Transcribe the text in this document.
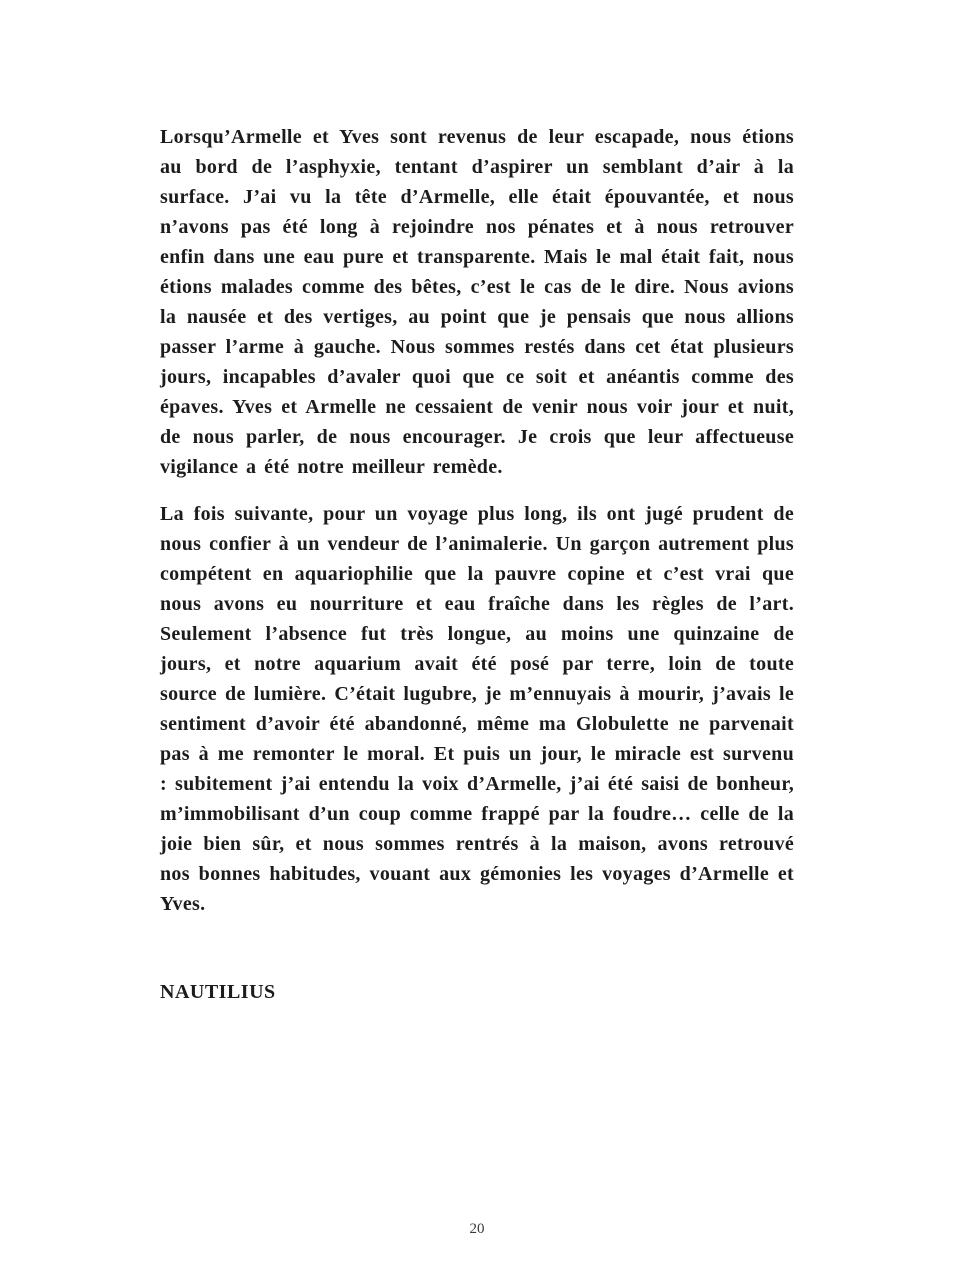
Lorsqu’Armelle et Yves sont revenus de leur escapade, nous étions au bord de l’asphyxie, tentant d’aspirer un semblant d’air à la surface. J’ai vu la tête d’Armelle, elle était épouvantée, et nous n’avons pas été long à rejoindre nos pénates et à nous retrouver enfin dans une eau pure et transparente. Mais le mal était fait, nous étions malades comme des bêtes, c’est le cas de le dire. Nous avions la nausée et des vertiges, au point que je pensais que nous allions passer l’arme à gauche. Nous sommes restés dans cet état plusieurs jours, incapables d’avaler quoi que ce soit et anéantis comme des épaves. Yves et Armelle ne cessaient de venir nous voir jour et nuit, de nous parler, de nous encourager. Je crois que leur affectueuse vigilance a été notre meilleur remède.

La fois suivante, pour un voyage plus long, ils ont jugé prudent de nous confier à un vendeur de l’animalerie. Un garçon autrement plus compétent en aquariophilie que la pauvre copine et c’est vrai que nous avons eu nourriture et eau fraîche dans les règles de l’art. Seulement l’absence fut très longue, au moins une quinzaine de jours, et notre aquarium avait été posé par terre, loin de toute source de lumière. C’était lugubre, je m’ennuyais à mourir, j’avais le sentiment d’avoir été abandonné, même ma Globulette ne parvenait pas à me remonter le moral. Et puis un jour, le miracle est survenu : subitement j’ai entendu la voix d’Armelle, j’ai été saisi de bonheur, m’immobilisant d’un coup comme frappé par la foudre… celle de la joie bien sûr, et nous sommes rentrés à la maison, avons retrouvé nos bonnes habitudes, vouant aux gémonies les voyages d’Armelle et Yves.

NAUTILIUS
20
